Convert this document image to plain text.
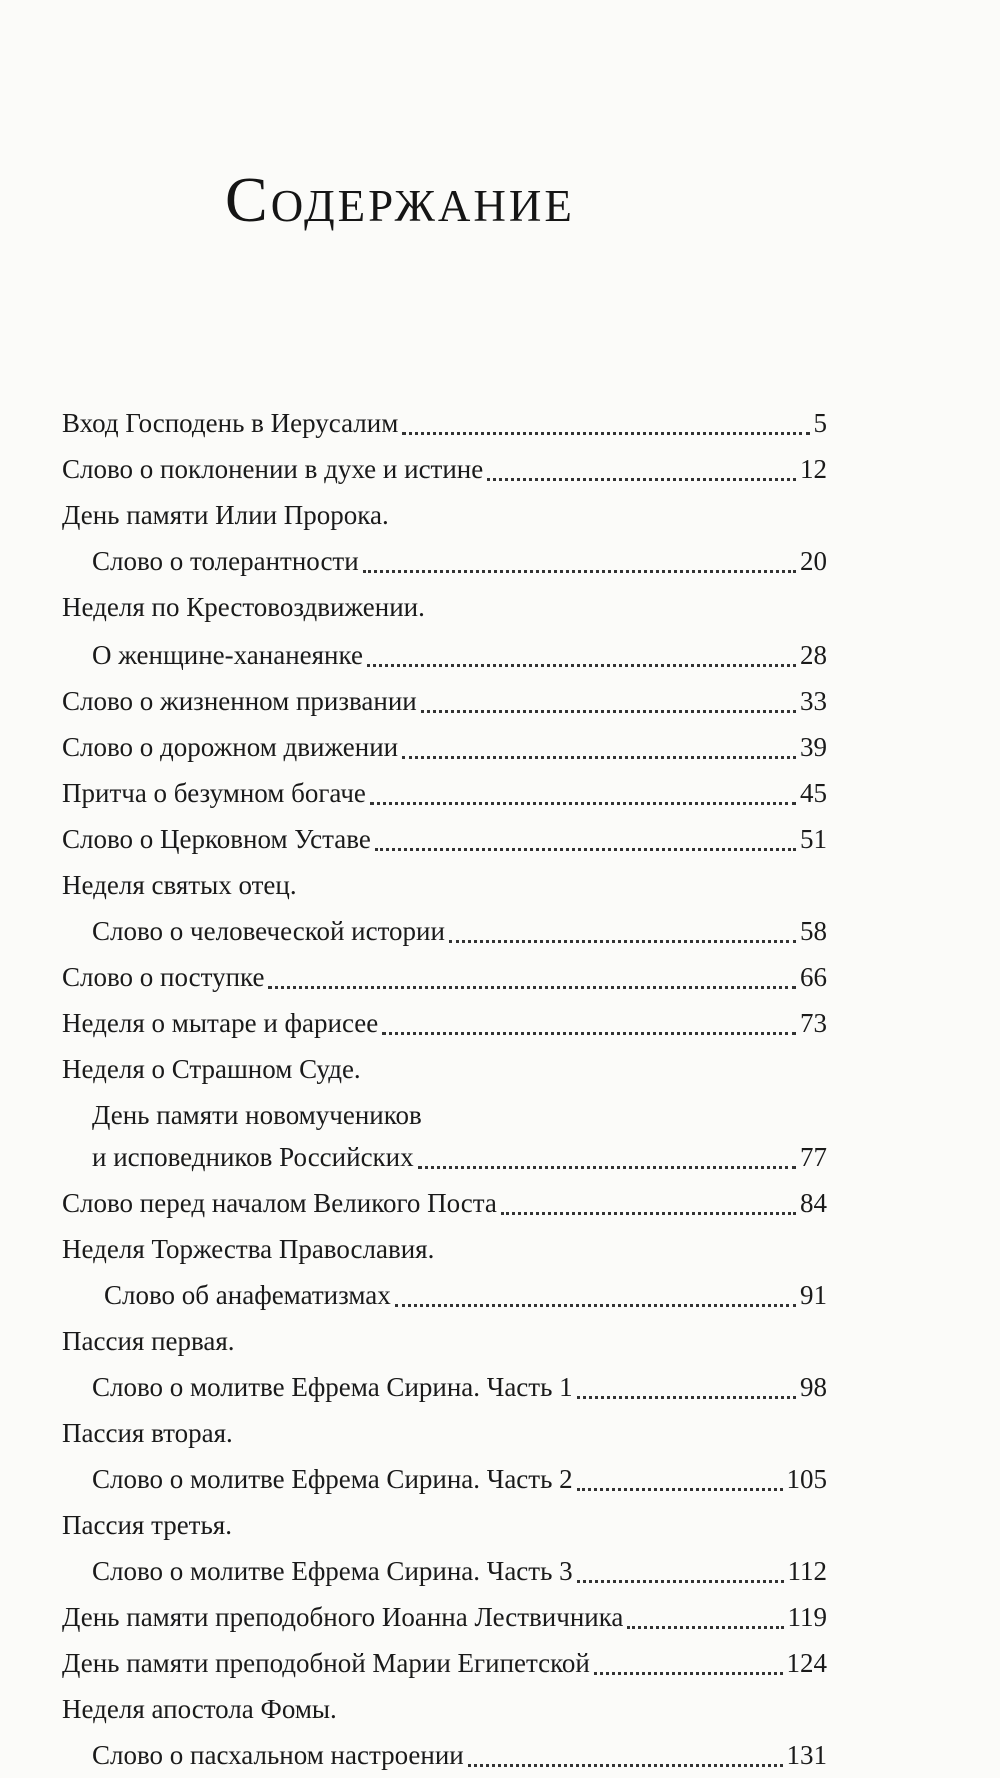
Содержание
Вход Господень в Иерусалим	5
Слово о поклонении в духе и истине	12
День памяти Илии Пророка.
Слово о толерантности	20
Неделя по Крестовоздвижении.
О женщине-хананеянке	28
Слово о жизненном призвании	33
Слово о дорожном движении	39
Притча о безумном богаче	45
Слово о Церковном Уставе	51
Неделя святых отец.
Слово о человеческой истории	58
Слово о поступке	66
Неделя о мытаре и фарисее	73
Неделя о Страшном Суде.
День памяти новомучеников
и исповедников Российских	77
Слово перед началом Великого Поста	84
Неделя Торжества Православия.
Слово об анафематизмах	91
Пассия первая.
Слово о молитве Ефрема Сирина. Часть 1	98
Пассия вторая.
Слово о молитве Ефрема Сирина. Часть 2	105
Пассия третья.
Слово о молитве Ефрема Сирина. Часть 3	112
День памяти преподобного Иоанна Лествичника	119
День памяти преподобной Марии Египетской	124
Неделя апостола Фомы.
Слово о пасхальном настроении	131
